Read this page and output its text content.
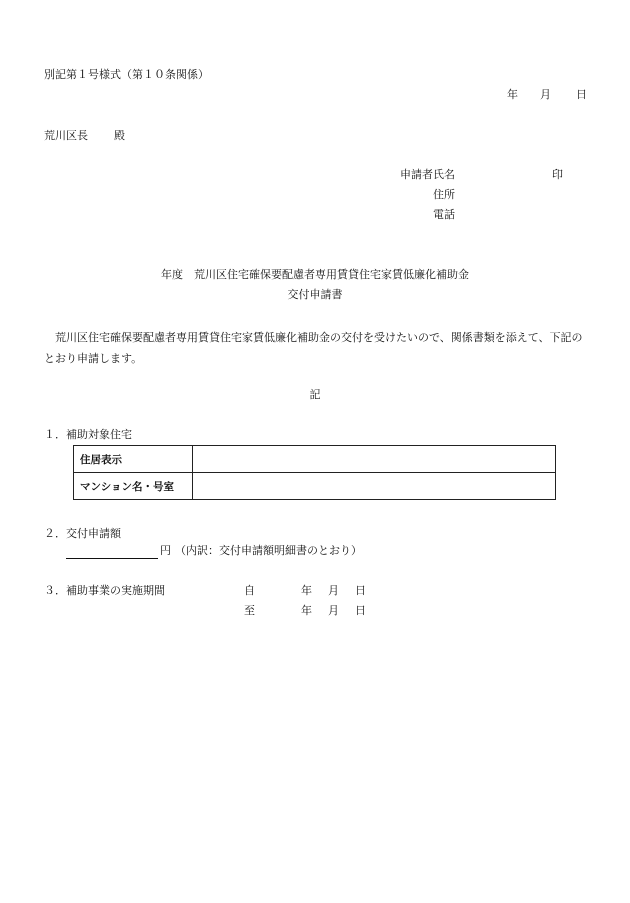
別記第１号様式（第１０条関係）
年 月 日
荒川区長 殿
申請者氏名	印
住所
電話
年度　荒川区住宅確保要配慮者専用賃貸住宅家賃低廉化補助金
交付申請書
荒川区住宅確保要配慮者専用賃貸住宅家賃低廉化補助金の交付を受けたいので、関係書類を添えて、下記のとおり申請します。
記
１．補助対象住宅
住居表示	
マンション名・号室	
２．交付申請額
円 （内訳：交付申請額明細書のとおり）
３．補助事業の実施期間	自	年 月 日
至	年 月 日
